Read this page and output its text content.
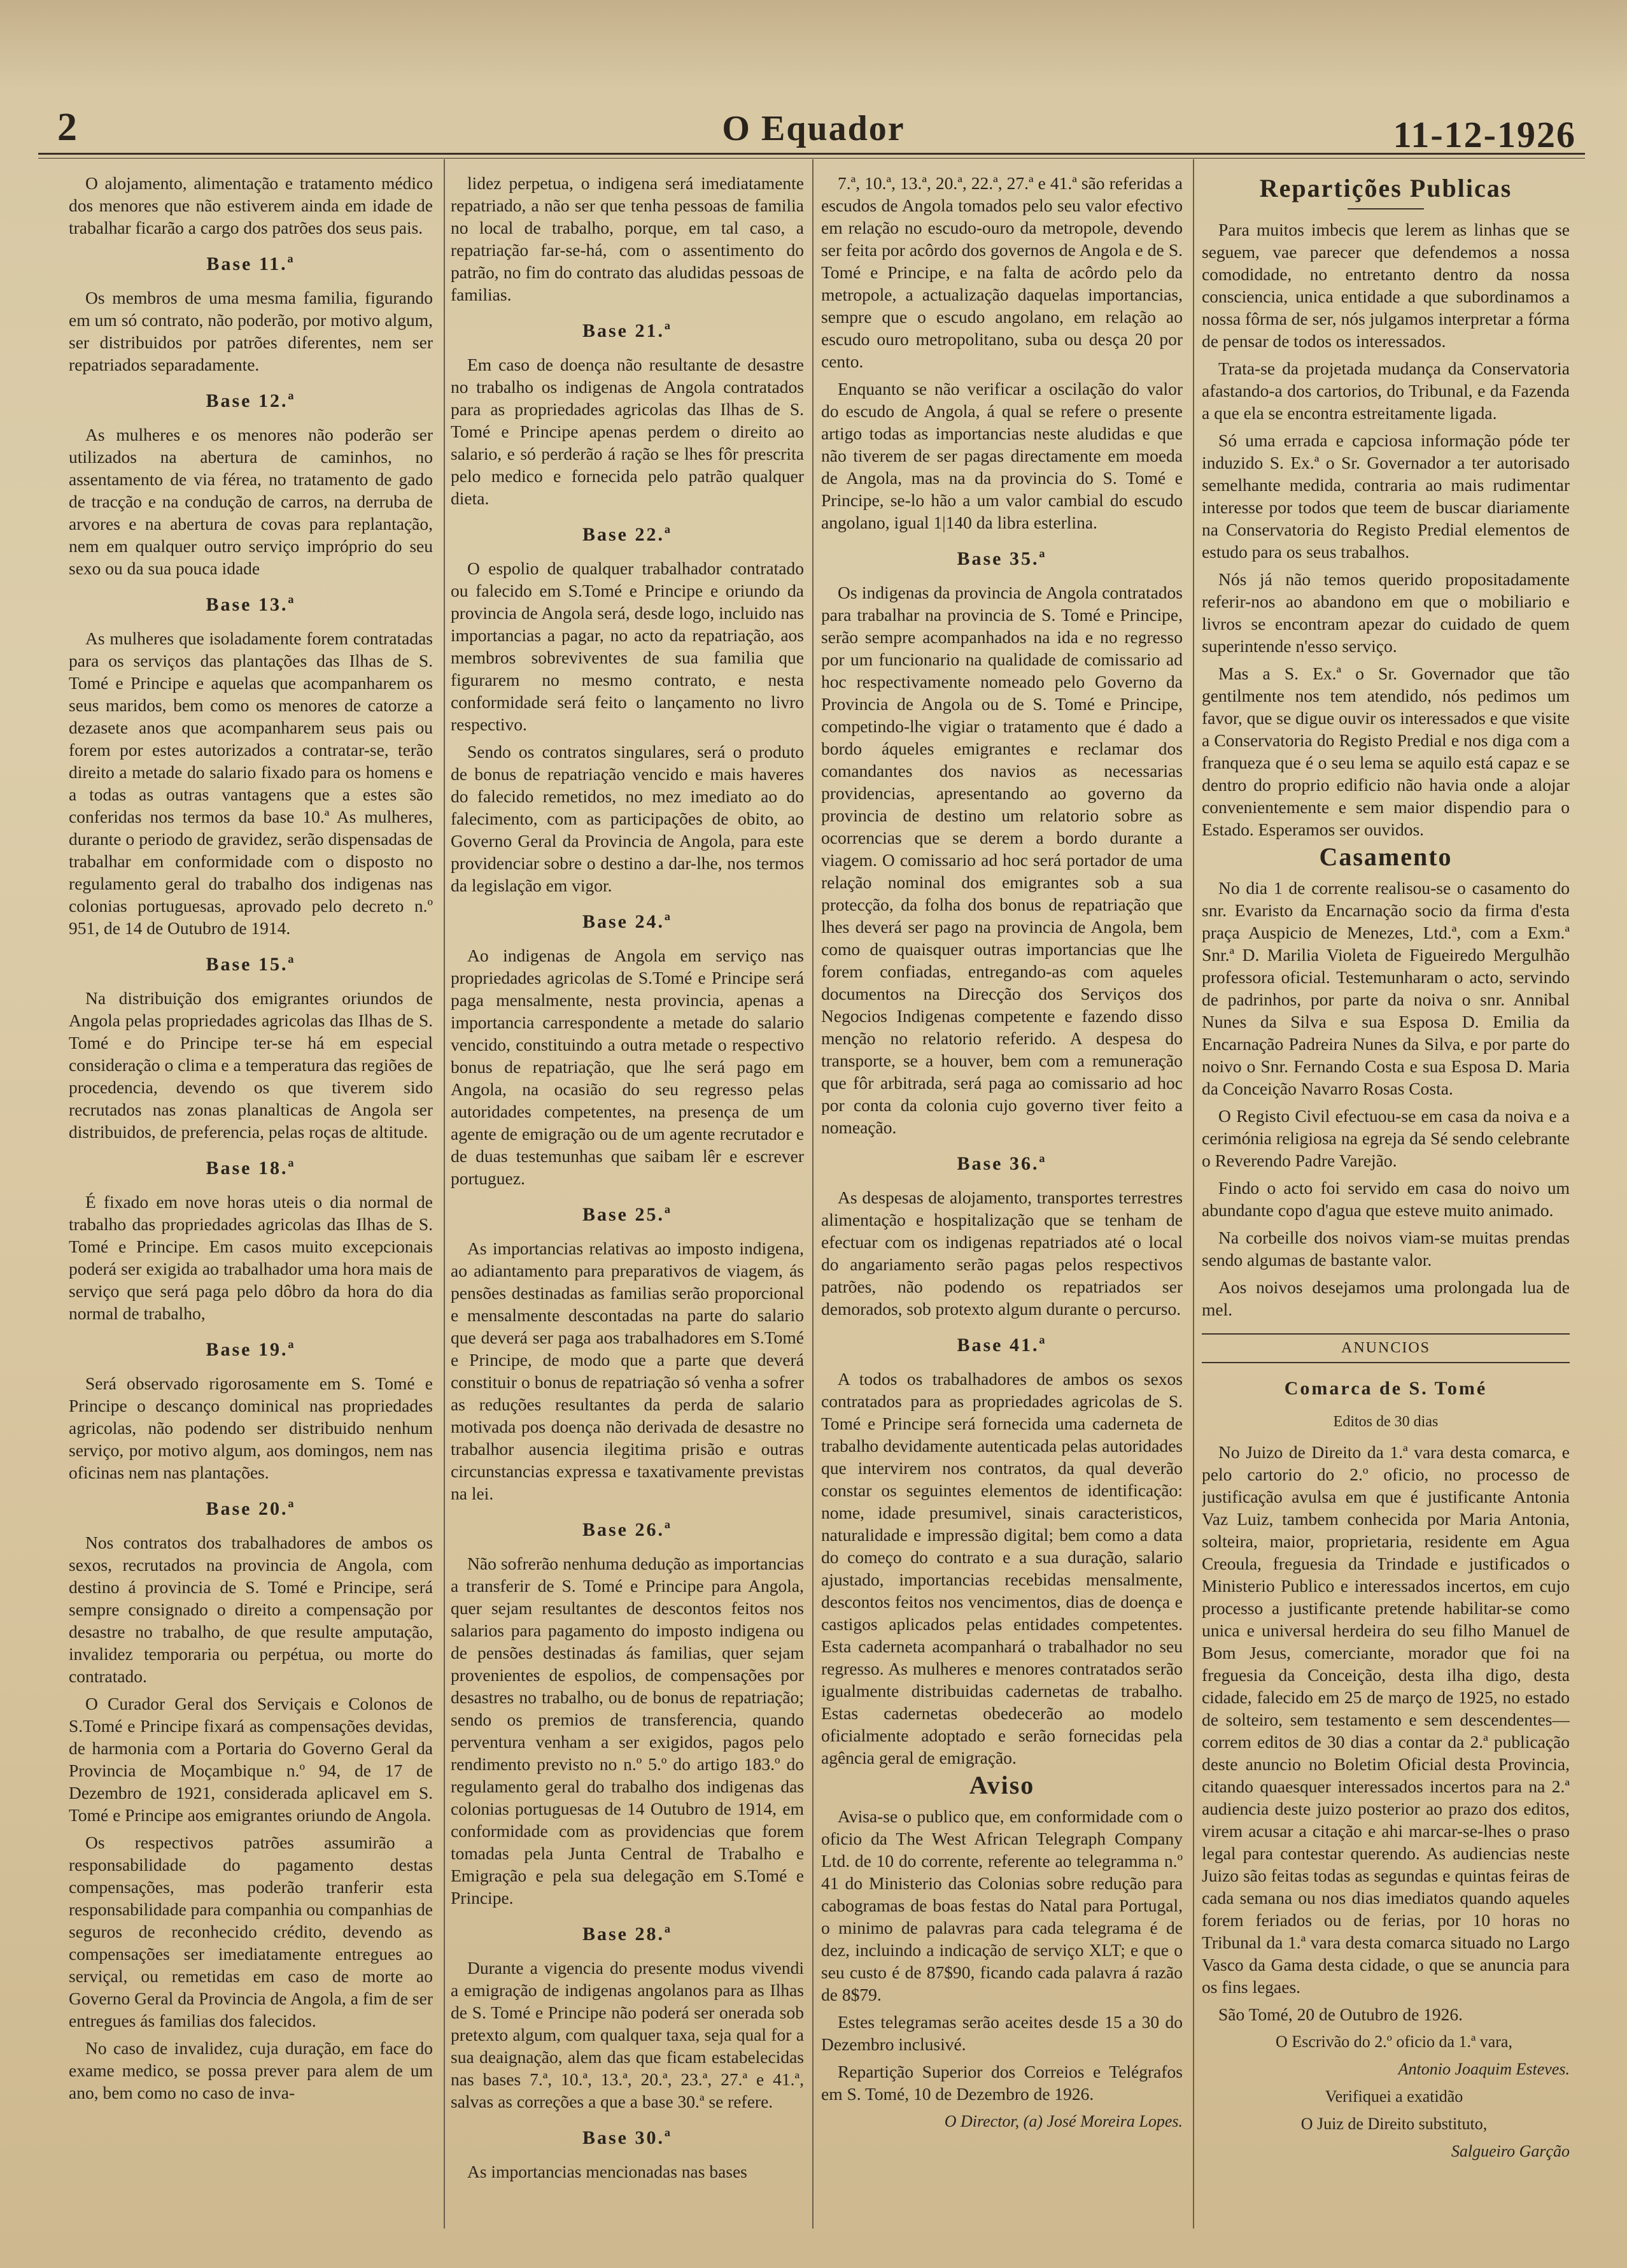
2	O Equador	11-12-1926

O alojamento, alimentação e tratamento médico dos menores que não estiverem ainda em idade de trabalhar ficarão a cargo dos patrões dos seus pais.

Base 11.ª

Os membros de uma mesma familia, figurando em um só contrato, não poderão, por motivo algum, ser distribuidos por patrões diferentes, nem ser repatriados separadamente.

Base 12.ª

As mulheres e os menores não poderão ser utilizados na abertura de caminhos, no assentamento de via férea, no tratamento de gado de tracção e na condução de carros, na derruba de arvores e na abertura de covas para replantação, nem em qualquer outro serviço impróprio do seu sexo ou da sua pouca idade

Base 13.ª

As mulheres que isoladamente forem contratadas para os serviços das plantações das Ilhas de S. Tomé e Principe e aquelas que acompanharem os seus maridos, bem como os menores de catorze a dezasete anos que acompanharem seus pais ou forem por estes autorizados a contratar-se, terão direito a metade do salario fixado para os homens e a todas as outras vantagens que a estes são conferidas nos termos da base 10.ª As mulheres, durante o periodo de gravidez, serão dispensadas de trabalhar em conformidade com o disposto no regulamento geral do trabalho dos indigenas nas colonias portuguesas, aprovado pelo decreto n.º 951, de 14 de Outubro de 1914.

Base 15.ª

Na distribuição dos emigrantes oriundos de Angola pelas propriedades agricolas das Ilhas de S. Tomé e do Principe ter-se há em especial consideração o clima e a temperatura das regiões de procedencia, devendo os que tiverem sido recrutados nas zonas planalticas de Angola ser distribuidos, de preferencia, pelas roças de altitude.

Base 18.ª

É fixado em nove horas uteis o dia normal de trabalho das propriedades agricolas das Ilhas de S. Tomé e Principe. Em casos muito excepcionais poderá ser exigida ao trabalhador uma hora mais de serviço que será paga pelo dôbro da hora do dia normal de trabalho,

Base 19.ª

Será observado rigorosamente em S. Tomé e Principe o descanço dominical nas propriedades agricolas, não podendo ser distribuido nenhum serviço, por motivo algum, aos domingos, nem nas oficinas nem nas plantações.

Base 20.ª

Nos contratos dos trabalhadores de ambos os sexos, recrutados na provincia de Angola, com destino á provincia de S. Tomé e Principe, será sempre consignado o direito a compensação por desastre no trabalho, de que resulte amputação, invalidez temporaria ou perpétua, ou morte do contratado.

O Curador Geral dos Serviçais e Colonos de S.Tomé e Principe fixará as compensações devidas, de harmonia com a Portaria do Governo Geral da Provincia de Moçambique n.º 94, de 17 de Dezembro de 1921, considerada aplicavel em S. Tomé e Principe aos emigrantes oriundo de Angola.

Os respectivos patrões assumirão a responsabilidade do pagamento destas compensações, mas poderão tranferir esta responsabilidade para companhia ou companhias de seguros de reconhecido crédito, devendo as compensações ser imediatamente entregues ao serviçal, ou remetidas em caso de morte ao Governo Geral da Provincia de Angola, a fim de ser entregues ás familias dos falecidos.

No caso de invalidez, cuja duração, em face do exame medico, se possa prever para alem de um ano, bem como no caso de inva-

lidez perpetua, o indigena será imediatamente repatriado, a não ser que tenha pessoas de familia no local de trabalho, porque, em tal caso, a repatriação far-se-há, com o assentimento do patrão, no fim do contrato das aludidas pessoas de familias.

Base 21.ª

Em caso de doença não resultante de desastre no trabalho os indigenas de Angola contratados para as propriedades agricolas das Ilhas de S. Tomé e Principe apenas perdem o direito ao salario, e só perderão á ração se lhes fôr prescrita pelo medico e fornecida pelo patrão qualquer dieta.

Base 22.ª

O espolio de qualquer trabalhador contratado ou falecido em S.Tomé e Principe e oriundo da provincia de Angola será, desde logo, incluido nas importancias a pagar, no acto da repatriação, aos membros sobreviventes de sua familia que figurarem no mesmo contrato, e nesta conformidade será feito o lançamento no livro respectivo.

Sendo os contratos singulares, será o produto de bonus de repatriação vencido e mais haveres do falecido remetidos, no mez imediato ao do falecimento, com as participações de obito, ao Governo Geral da Provincia de Angola, para este providenciar sobre o destino a dar-lhe, nos termos da legislação em vigor.

Base 24.ª

Ao indigenas de Angola em serviço nas propriedades agricolas de S.Tomé e Principe será paga mensalmente, nesta provincia, apenas a importancia carrespondente a metade do salario vencido, constituindo a outra metade o respectivo bonus de repatriação, que lhe será pago em Angola, na ocasião do seu regresso pelas autoridades competentes, na presença de um agente de emigração ou de um agente recrutador e de duas testemunhas que saibam lêr e escrever portuguez.

Base 25.ª

As importancias relativas ao imposto indigena, ao adiantamento para preparativos de viagem, ás pensões destinadas as familias serão proporcional e mensalmente descontadas na parte do salario que deverá ser paga aos trabalhadores em S.Tomé e Principe, de modo que a parte que deverá constituir o bonus de repatriação só venha a sofrer as reduções resultantes da perda de salario motivada pos doença não derivada de desastre no trabalhor ausencia ilegitima prisão e outras circunstancias expressa e taxativamente previstas na lei.

Base 26.ª

Não sofrerão nenhuma dedução as importancias a transferir de S. Tomé e Principe para Angola, quer sejam resultantes de descontos feitos nos salarios para pagamento do imposto indigena ou de pensões destinadas ás familias, quer sejam provenientes de espolios, de compensações por desastres no trabalho, ou de bonus de repatriação; sendo os premios de transferencia, quando perventura venham a ser exigidos, pagos pelo rendimento previsto no n.º 5.º do artigo 183.º do regulamento geral do trabalho dos indigenas das colonias portuguesas de 14 Outubro de 1914, em conformidade com as providencias que forem tomadas pela Junta Central de Trabalho e Emigração e pela sua delegação em S.Tomé e Principe.

Base 28.ª

Durante a vigencia do presente modus vivendi a emigração de indigenas angolanos para as Ilhas de S. Tomé e Principe não poderá ser onerada sob pretexto algum, com qualquer taxa, seja qual for a sua deaignação, alem das que ficam estabelecidas nas bases 7.ª, 10.ª, 13.ª, 20.ª, 23.ª, 27.ª e 41.ª, salvas as correções a que a base 30.ª se refere.

Base 30.ª

As importancias mencionadas nas bases

7.ª, 10.ª, 13.ª, 20.ª, 22.ª, 27.ª e 41.ª são referidas a escudos de Angola tomados pelo seu valor efectivo em relação no escudo-ouro da metropole, devendo ser feita por acôrdo dos governos de Angola e de S. Tomé e Principe, e na falta de acôrdo pelo da metropole, a actualização daquelas importancias, sempre que o escudo angolano, em relação ao escudo ouro metropolitano, suba ou desça 20 por cento.

Enquanto se não verificar a oscilação do valor do escudo de Angola, á qual se refere o presente artigo todas as importancias neste aludidas e que não tiverem de ser pagas directamente em moeda de Angola, mas na da provincia do S. Tomé e Principe, se-lo hão a um valor cambial do escudo angolano, igual 1|140 da libra esterlina.

Base 35.ª

Os indigenas da provincia de Angola contratados para trabalhar na provincia de S. Tomé e Principe, serão sempre acompanhados na ida e no regresso por um funcionario na qualidade de comissario ad hoc respectivamente nomeado pelo Governo da Provincia de Angola ou de S. Tomé e Principe, competindo-lhe vigiar o tratamento que é dado a bordo áqueles emigrantes e reclamar dos comandantes dos navios as necessarias providencias, apresentando ao governo da provincia de destino um relatorio sobre as ocorrencias que se derem a bordo durante a viagem. O comissario ad hoc será portador de uma relação nominal dos emigrantes sob a sua protecção, da folha dos bonus de repatriação que lhes deverá ser pago na provincia de Angola, bem como de quaisquer outras importancias que lhe forem confiadas, entregando-as com aqueles documentos na Direcção dos Serviços dos Negocios Indigenas competente e fazendo disso menção no relatorio referido. A despesa do transporte, se a houver, bem com a remuneração que fôr arbitrada, será paga ao comissario ad hoc por conta da colonia cujo governo tiver feito a nomeação.

Base 36.ª

As despesas de alojamento, transportes terrestres alimentação e hospitalização que se tenham de efectuar com os indigenas repatriados até o local do angariamento serão pagas pelos respectivos patrões, não podendo os repatriados ser demorados, sob protexto algum durante o percurso.

Base 41.ª

A todos os trabalhadores de ambos os sexos contratados para as propriedades agricolas de S. Tomé e Principe será fornecida uma caderneta de trabalho devidamente autenticada pelas autoridades que intervirem nos contratos, da qual deverão constar os seguintes elementos de identificação: nome, idade presumivel, sinais caracteristicos, naturalidade e impressão digital; bem como a data do começo do contrato e a sua duração, salario ajustado, importancias recebidas mensalmente, descontos feitos nos vencimentos, dias de doença e castigos aplicados pelas entidades competentes. Esta caderneta acompanhará o trabalhador no seu regresso. As mulheres e menores contratados serão igualmente distribuidas cadernetas de trabalho. Estas cadernetas obedecerão ao modelo oficialmente adoptado e serão fornecidas pela agência geral de emigração.

Aviso

Avisa-se o publico que, em conformidade com o oficio da The West African Telegraph Company Ltd. de 10 do corrente, referente ao telegramma n.º 41 do Ministerio das Colonias sobre redução para cabogramas de boas festas do Natal para Portugal, o minimo de palavras para cada telegrama é de dez, incluindo a indicação de serviço XLT; e que o seu custo é de 87$90, ficando cada palavra á razão de 8$79.

Estes telegramas serão aceites desde 15 a 30 do Dezembro inclusivé.

Repartição Superior dos Correios e Telégrafos em S. Tomé, 10 de Dezembro de 1926.

O Director, (a) José Moreira Lopes.

Repartições Publicas

Para muitos imbecis que lerem as linhas que se seguem, vae parecer que defendemos a nossa comodidade, no entretanto dentro da nossa consciencia, unica entidade a que subordinamos a nossa fôrma de ser, nós julgamos interpretar a fórma de pensar de todos os interessados.

Trata-se da projetada mudança da Conservatoria afastando-a dos cartorios, do Tribunal, e da Fazenda a que ela se encontra estreitamente ligada.

Só uma errada e capciosa informação póde ter induzido S. Ex.ª o Sr. Governador a ter autorisado semelhante medida, contraria ao mais rudimentar interesse por todos que teem de buscar diariamente na Conservatoria do Registo Predial elementos de estudo para os seus trabalhos.

Nós já não temos querido propositadamente referir-nos ao abandono em que o mobiliario e livros se encontram apezar do cuidado de quem superintende n'esso serviço.

Mas a S. Ex.ª o Sr. Governador que tão gentilmente nos tem atendido, nós pedimos um favor, que se digue ouvir os interessados e que visite a Conservatoria do Registo Predial e nos diga com a franqueza que é o seu lema se aquilo está capaz e se dentro do proprio edificio não havia onde a alojar convenientemente e sem maior dispendio para o Estado. Esperamos ser ouvidos.

Casamento

No dia 1 de corrente realisou-se o casamento do snr. Evaristo da Encarnação socio da firma d'esta praça Auspicio de Menezes, Ltd.ª, com a Exm.ª Snr.ª D. Marilia Violeta de Figueiredo Mergulhão professora oficial. Testemunharam o acto, servindo de padrinhos, por parte da noiva o snr. Annibal Nunes da Silva e sua Esposa D. Emilia da Encarnação Padreira Nunes da Silva, e por parte do noivo o Snr. Fernando Costa e sua Esposa D. Maria da Conceição Navarro Rosas Costa.

O Registo Civil efectuou-se em casa da noiva e a cerimónia religiosa na egreja da Sé sendo celebrante o Reverendo Padre Varejão.

Findo o acto foi servido em casa do noivo um abundante copo d'agua que esteve muito animado.

Na corbeille dos noivos viam-se muitas prendas sendo algumas de bastante valor.

Aos noivos desejamos uma prolongada lua de mel.

ANUNCIOS
Comarca de S. Tomé
Editos de 30 dias

No Juizo de Direito da 1.ª vara desta comarca, e pelo cartorio do 2.º oficio, no processo de justificação avulsa em que é justificante Antonia Vaz Luiz, tambem conhecida por Maria Antonia, solteira, maior, proprietaria, residente em Agua Creoula, freguesia da Trindade e justificados o Ministerio Publico e interessados incertos, em cujo processo a justificante pretende habilitar-se como unica e universal herdeira do seu filho Manuel de Bom Jesus, comerciante, morador que foi na freguesia da Conceição, desta ilha digo, desta cidade, falecido em 25 de março de 1925, no estado de solteiro, sem testamento e sem descendentes—correm editos de 30 dias a contar da 2.ª publicação deste anuncio no Boletim Oficial desta Provincia, citando quaesquer interessados incertos para na 2.ª audiencia deste juizo posterior ao prazo dos editos, virem acusar a citação e ahi marcar-se-lhes o praso legal para contestar querendo. As audiencias neste Juizo são feitas todas as segundas e quintas feiras de cada semana ou nos dias imediatos quando aqueles forem feriados ou de ferias, por 10 horas no Tribunal da 1.ª vara desta comarca situado no Largo Vasco da Gama desta cidade, o que se anuncia para os fins legaes.

São Tomé, 20 de Outubro de 1926.

O Escrivão do 2.º oficio da 1.ª vara,

Antonio Joaquim Esteves.

Verifiquei a exatidão

O Juiz de Direito substituto,

Salgueiro Garção
